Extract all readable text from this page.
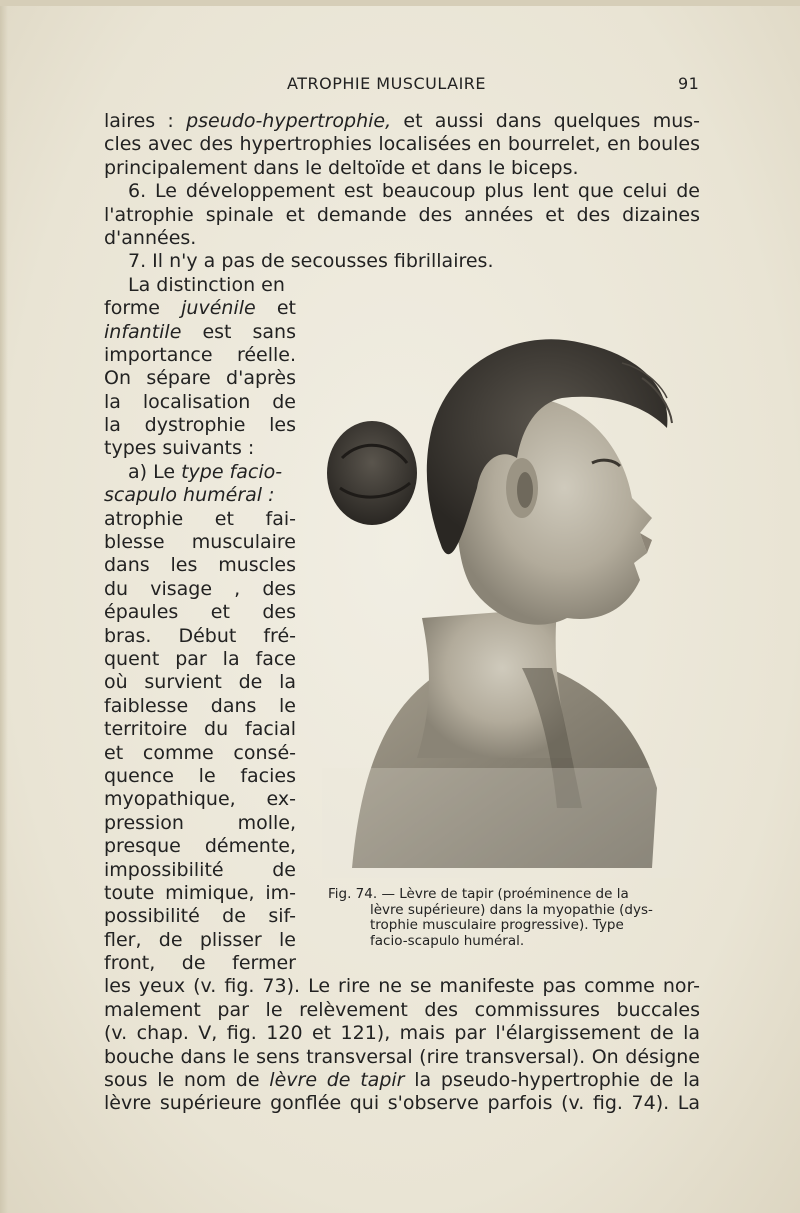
ATROPHIE MUSCULAIRE	91
laires : pseudo-hypertrophie, et aussi dans quelques mus-
cles avec des hypertrophies localisées en bourrelet, en boules
principalement dans le deltoïde et dans le biceps.
6. Le développement est beaucoup plus lent que celui de
l'atrophie spinale et demande des années et des dizaines
d'années.
7. Il n'y a pas de secousses fibrillaires.
La distinction en
forme juvénile et
infantile est sans
importance réelle.
On sépare d'après
la localisation de
la dystrophie les
types suivants :
a) Le type facio-
scapulo huméral :
atrophie et fai-
blesse musculaire
dans les muscles
du visage , des
épaules et des
bras. Début fré-
quent par la face
où survient de la
faiblesse dans le
territoire du facial
et comme consé-
quence le facies
myopathique, ex-
pression molle,
presque démente,
impossibilité de
toute mimique, im-
possibilité de sif-
fler, de plisser le
front, de fermer
les yeux (v. fig. 73). Le rire ne se manifeste pas comme nor-
malement par le relèvement des commissures buccales
(v. chap. V, fig. 120 et 121), mais par l'élargissement de la
bouche dans le sens transversal (rire transversal). On désigne
sous le nom de lèvre de tapir la pseudo-hypertrophie de la
lèvre supérieure gonflée qui s'observe parfois (v. fig. 74). La
Fig. 74. — Lèvre de tapir (proéminence de la
lèvre supérieure) dans la myopathie (dys-
trophie musculaire progressive). Type
facio-scapulo huméral.
